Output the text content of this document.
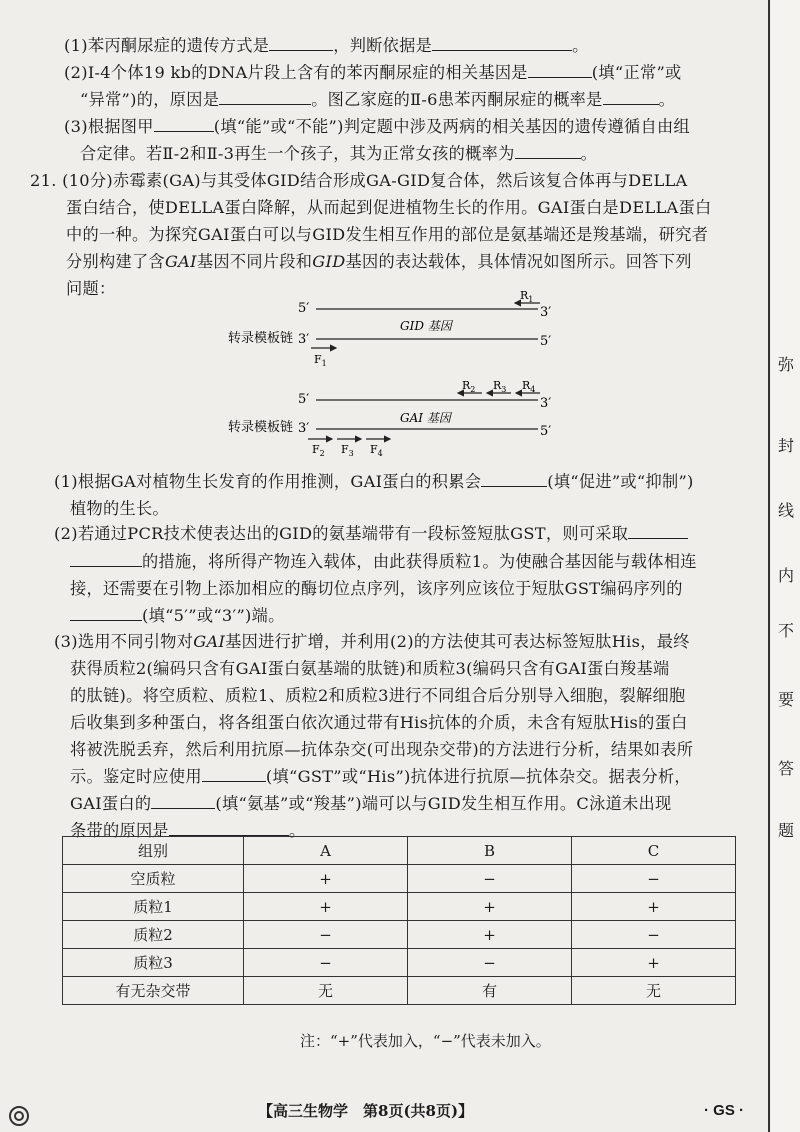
弥
封
线
内
不
要
答
题
(1)苯丙酮尿症的遗传方式是	，判断依据是	。
(2)Ⅰ-4个体19 kb的DNA片段上含有的苯丙酮尿症的相关基因是	(填“正常”或
“异常”)的，原因是	。图乙家庭的Ⅱ-6患苯丙酮尿症的概率是	。
(3)根据图甲	(填“能”或“不能”)判定题中涉及两病的相关基因的遗传遵循自由组
合定律。若Ⅱ-2和Ⅱ-3再生一个孩子，其为正常女孩的概率为	。
21. (10分)赤霉素(GA)与其受体GID结合形成GA-GID复合体，然后该复合体再与DELLA
蛋白结合，使DELLA蛋白降解，从而起到促进植物生长的作用。GAI蛋白是DELLA蛋白
中的一种。为探究GAI蛋白可以与GID发生相互作用的部位是氨基端还是羧基端，研究者
分别构建了含GAI基因不同片段和GID基因的表达载体，具体情况如图所示。回答下列
问题：
5′	3′
$R_1$
GID 基因
转录模板链 3′	5′
$F_1$
$R_2$ $R_3$ $R_4$
5′	3′
GAI 基因
转录模板链 3′	5′
$F_2$ $F_3$ $F_4$
(1)根据GA对植物生长发育的作用推测，GAI蛋白的积累会	(填“促进”或“抑制”)
植物的生长。
(2)若通过PCR技术使表达出的GID的氨基端带有一段标签短肽GST，则可采取
的措施，将所得产物连入载体，由此获得质粒1。为使融合基因能与载体相连
接，还需要在引物上添加相应的酶切位点序列，该序列应该位于短肽GST编码序列的
(填“5′”或“3′”)端。
(3)选用不同引物对GAI基因进行扩增，并利用(2)的方法使其可表达标签短肽His，最终
获得质粒2(编码只含有GAI蛋白氨基端的肽链)和质粒3(编码只含有GAI蛋白羧基端
的肽链)。将空质粒、质粒1、质粒2和质粒3进行不同组合后分别导入细胞，裂解细胞
后收集到多种蛋白，将各组蛋白依次通过带有His抗体的介质，未含有短肽His的蛋白
将被洗脱丢弃，然后利用抗原—抗体杂交(可出现杂交带)的方法进行分析，结果如表所
示。鉴定时应使用	(填“GST”或“His”)抗体进行抗原—抗体杂交。据表分析，
GAI蛋白的	(填“氨基”或“羧基”)端可以与GID发生相互作用。C泳道未出现
条带的原因是	。
组别	A	B	C
空质粒	+	−	−
质粒1	+	+	+
质粒2	−	+	−
质粒3	−	−	+
有无杂交带	无	有	无
注：“+”代表加入，“−”代表未加入。
【高三生物学　第8页(共8页)】	· GS ·
